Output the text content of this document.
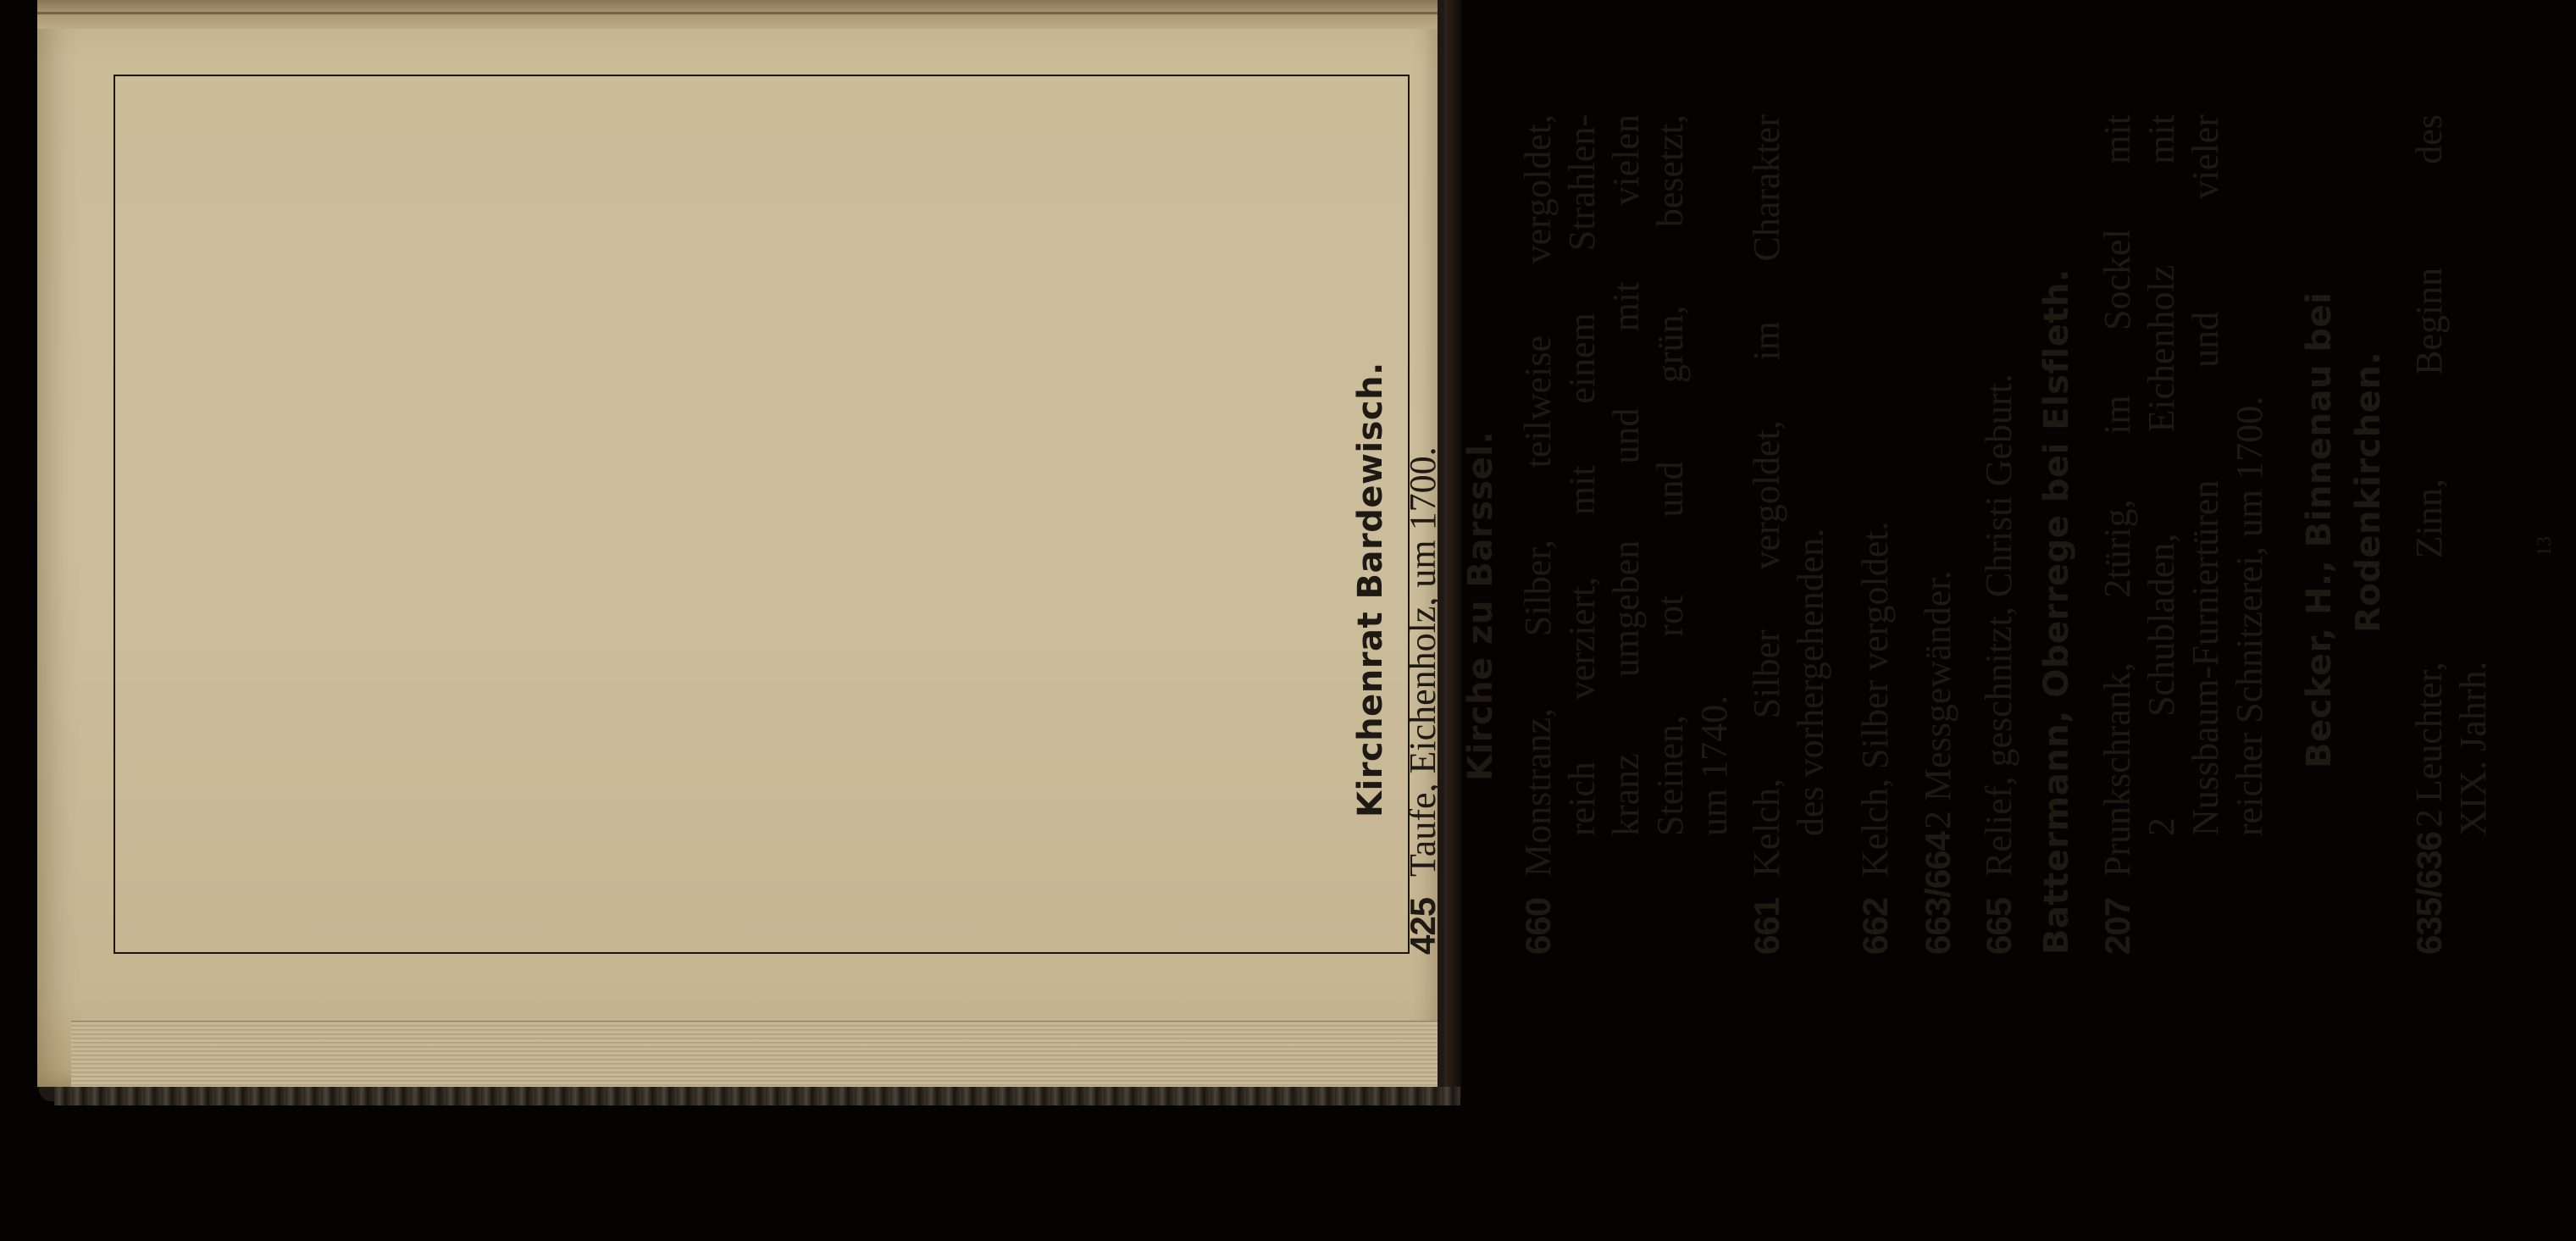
Kirchenrat Bardewisch.
425
Taufe, Eichenholz, um 1700. Kirche zu Barssel.
660
Monstranz, Silber, teilweise vergoldet, reich verziert, mit einem Strahlen- kranz umgeben und mit vielen Steinen, rot und grün, besetzt, um 1740.
661
Kelch, Silber vergoldet, im Charakter des vorhergehenden.
662
Kelch, Silber vergoldet.
663/664
2 Messgewänder.
665
Relief, geschnitzt, Christi Geburt. Battermann, Oberrege bei Elsfleth. 207
Prunkschrank, 2türig, im Sockel mit 2 Schubladen, Eichenholz mit Nussbaum-Furniertüren und vieler reicher Schnitzerei, um 1700. Becker, H., Binnenau bei Rodenkirchen.
635/636
2
Leuchter, Zinn, Beginn des XIX. Jahrh.
13
